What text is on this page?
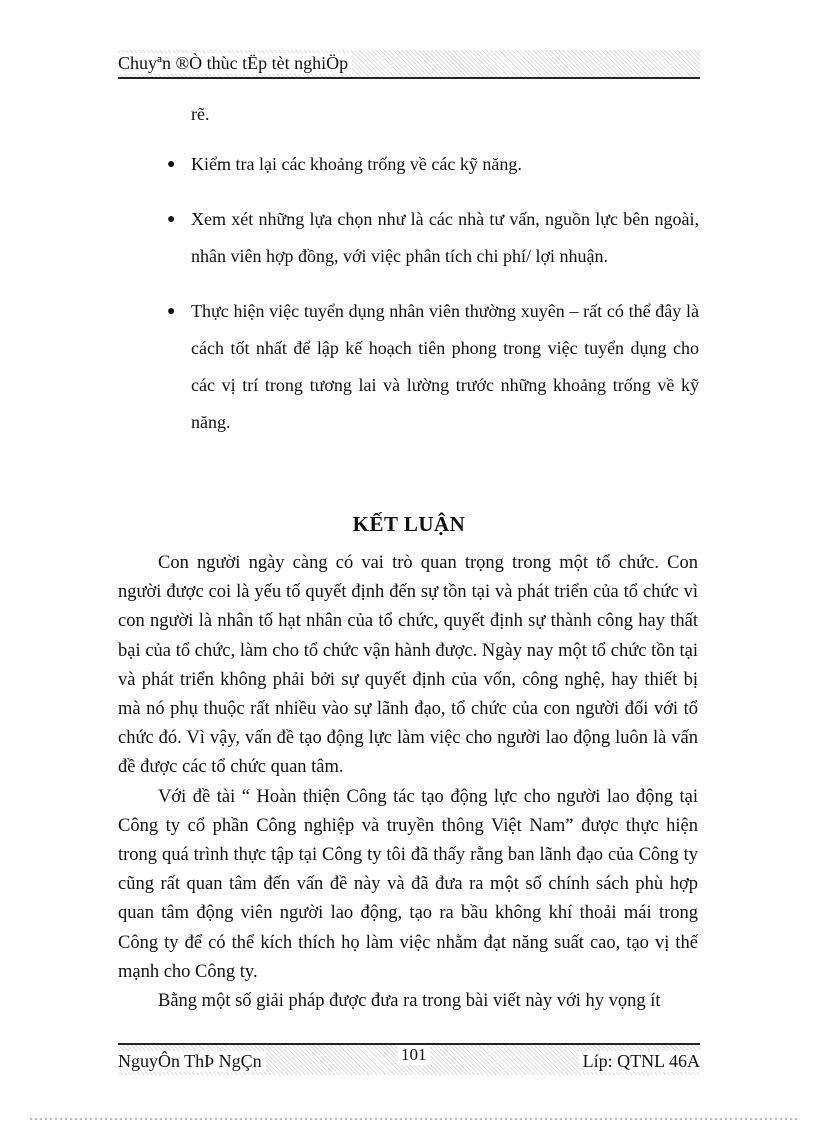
Chuyªn ®Ò thùc tËp tèt nghiÖp
rẽ.
● Kiểm tra lại các khoảng trống về các kỹ năng.
● Xem xét những lựa chọn như là các nhà tư vấn, nguồn lực bên ngoài, nhân viên hợp đồng, với việc phân tích chi phí/ lợi nhuận.
● Thực hiện việc tuyển dụng nhân viên thường xuyên – rất có thể đây là cách tốt nhất để lập kế hoạch tiên phong trong việc tuyển dụng cho các vị trí trong tương lai và lường trước những khoảng trống về kỹ năng.
KẾT LUẬN

Con người ngày càng có vai trò quan trọng trong một tổ chức. Con người được coi là yếu tố quyết định đến sự tồn tại và phát triển của tổ chức vì con người là nhân tố hạt nhân của tổ chức, quyết định sự thành công hay thất bại của tổ chức, làm cho tổ chức vận hành được. Ngày nay một tổ chức tồn tại và phát triển không phải bởi sự quyết định của vốn, công nghệ, hay thiết bị mà nó phụ thuộc rất nhiều vào sự lãnh đạo, tổ chức của con người đối với tổ chức đó. Vì vậy, vấn đề tạo động lực làm việc cho người lao động luôn là vấn đề được các tổ chức quan tâm.

Với đề tài “ Hoàn thiện Công tác tạo động lực cho người lao động tại Công ty cổ phần Công nghiệp và truyền thông Việt Nam” được thực hiện trong quá trình thực tập tại Công ty tôi đã thấy rằng ban lãnh đạo của Công ty cũng rất quan tâm đến vấn đề này và đã đưa ra một số chính sách phù hợp quan tâm động viên người lao động, tạo ra bầu không khí thoải mái trong Công ty để có thể kích thích họ làm việc nhằm đạt năng suất cao, tạo vị thế mạnh cho Công ty.

Bằng một số giải pháp được đưa ra trong bài viết này với hy vọng ít

NguyÔn ThÞ NgÇn	101	Líp: QTNL 46A
